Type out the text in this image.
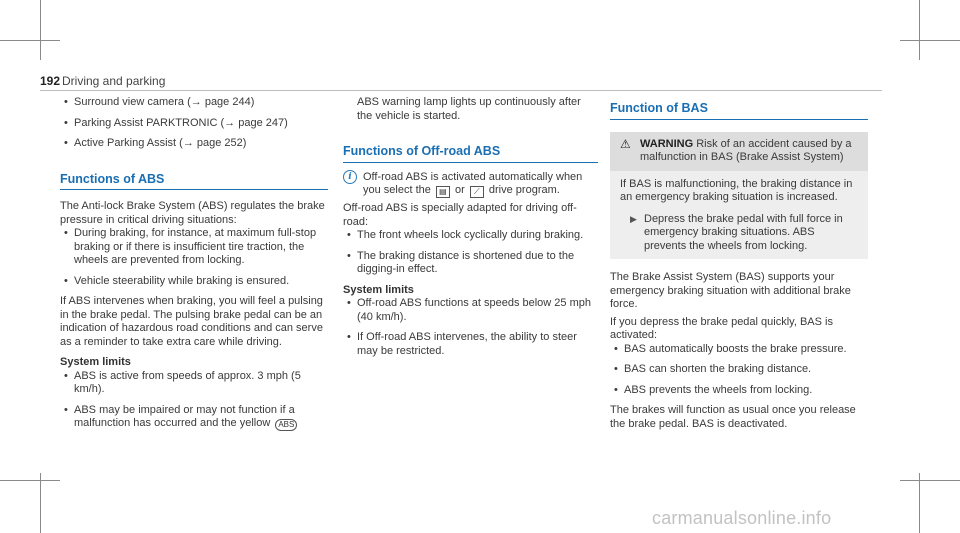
192 Driving and parking
• Surround view camera (→ page 244)
• Parking Assist PARKTRONIC (→ page 247)
• Active Parking Assist (→ page 252)
Functions of ABS

The Anti-lock Brake System (ABS) regulates the brake pressure in critical driving situations:

• During braking, for instance, at maximum full-stop braking or if there is insufficient tire traction, the wheels are prevented from locking.
• Vehicle steerability while braking is ensured.

If ABS intervenes when braking, you will feel a pulsing in the brake pedal. The pulsing brake pedal can be an indication of hazardous road conditions and can serve as a reminder to take extra care while driving.

System limits
• ABS is active from speeds of approx. 3 mph (5 km/h).
• ABS may be impaired or may not function if a malfunction has occurred and the yellow ABS

ABS warning lamp lights up continuously after the vehicle is started.

Functions of Off-road ABS
i	Off-road ABS is activated automatically when you select the ▤ or ⟋ drive program.

Off-road ABS is specially adapted for driving off-road:

• The front wheels lock cyclically during braking.
• The braking distance is shortened due to the digging-in effect.
System limits
• Off-road ABS functions at speeds below 25 mph (40 km/h).
• If Off-road ABS intervenes, the ability to steer may be restricted.
Function of BAS
⚠ WARNING Risk of an accident caused by a malfunction in BAS (Brake Assist System)

If BAS is malfunctioning, the braking distance in an emergency braking situation is increased.

▶ Depress the brake pedal with full force in emergency braking situations. ABS prevents the wheels from locking.

The Brake Assist System (BAS) supports your emergency braking situation with additional brake force.

If you depress the brake pedal quickly, BAS is activated:

• BAS automatically boosts the brake pressure.
• BAS can shorten the braking distance.
• ABS prevents the wheels from locking.

The brakes will function as usual once you release the brake pedal. BAS is deactivated.

carmanualsonline.info
